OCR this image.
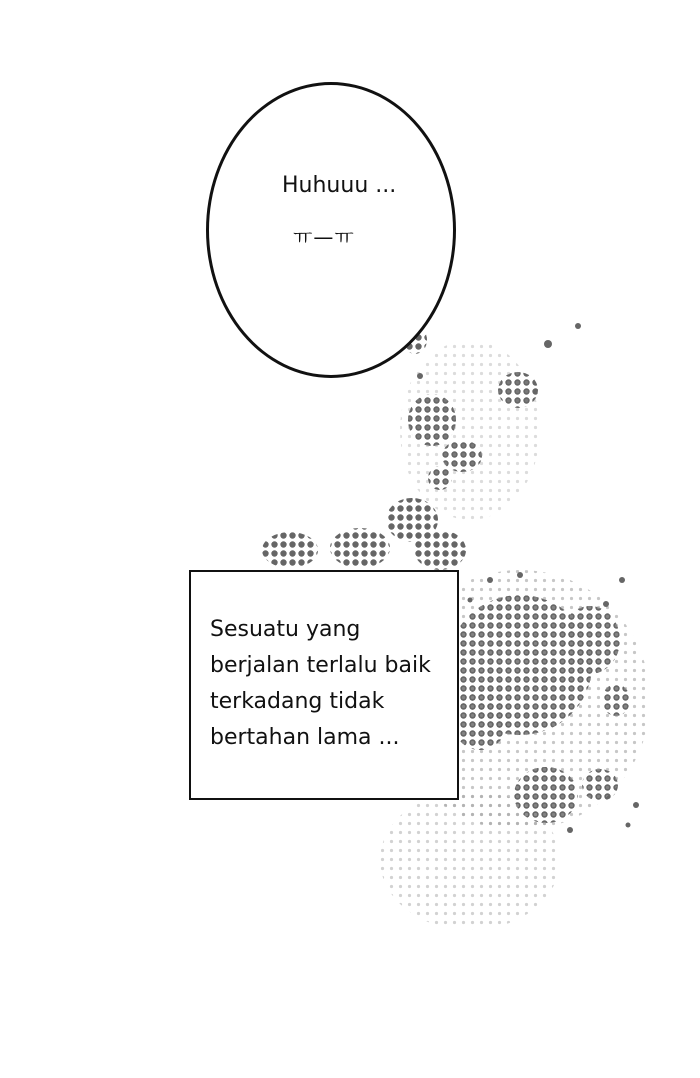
Huhuuu ...
ㅠ—ㅠ
Sesuatu yang
berjalan terlalu baik
terkadang tidak
bertahan lama ...
